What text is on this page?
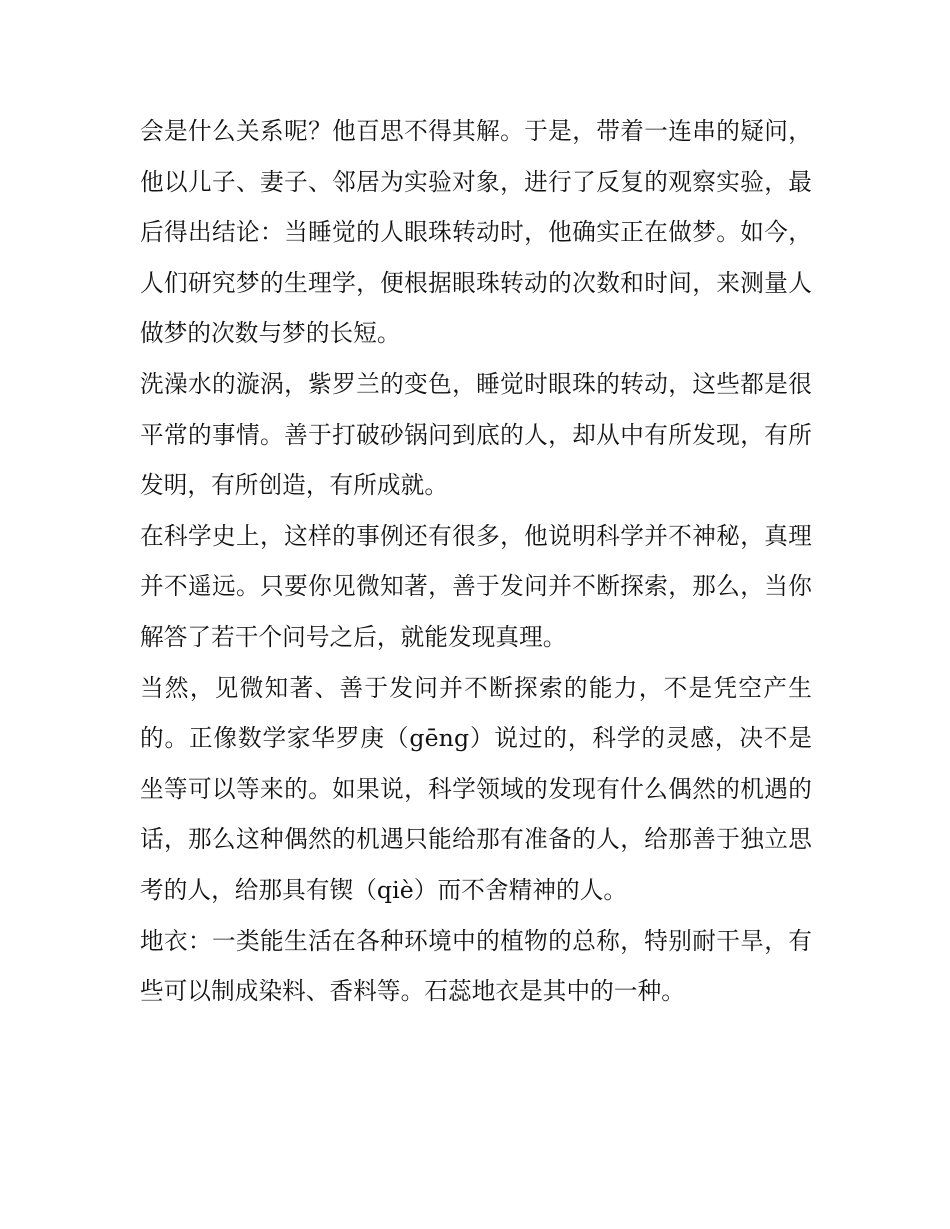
会是什么关系呢？他百思不得其解。于是，带着一连串的疑问，他以儿子、妻子、邻居为实验对象，进行了反复的观察实验，最后得出结论：当睡觉的人眼珠转动时，他确实正在做梦。如今，人们研究梦的生理学，便根据眼珠转动的次数和时间，来测量人做梦的次数与梦的长短。

洗澡水的漩涡，紫罗兰的变色，睡觉时眼珠的转动，这些都是很平常的事情。善于打破砂锅问到底的人，却从中有所发现，有所发明，有所创造，有所成就。

在科学史上，这样的事例还有很多，他说明科学并不神秘，真理并不遥远。只要你见微知著，善于发问并不断探索，那么，当你解答了若干个问号之后，就能发现真理。

当然，见微知著、善于发问并不断探索的能力，不是凭空产生的。正像数学家华罗庚（gēng）说过的，科学的灵感，决不是坐等可以等来的。如果说，科学领域的发现有什么偶然的机遇的话，那么这种偶然的机遇只能给那有准备的人，给那善于独立思考的人，给那具有锲（qiè）而不舍精神的人。

地衣：一类能生活在各种环境中的植物的总称，特别耐干旱，有些可以制成染料、香料等。石蕊地衣是其中的一种。
